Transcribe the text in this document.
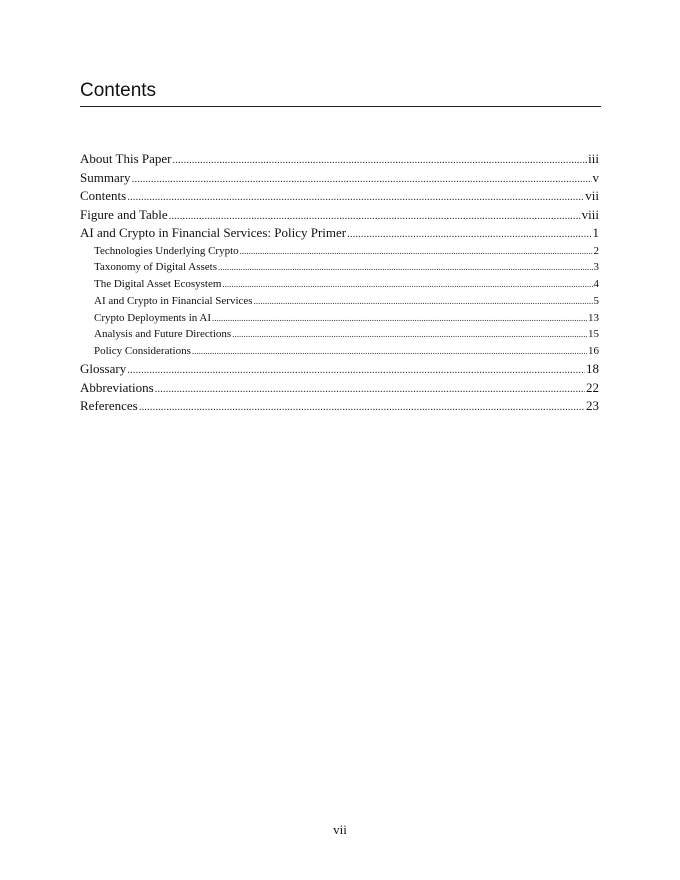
Contents
About This Paper .....	iii
Summary .....	v
Contents .....	vii
Figure and Table .....	viii
AI and Crypto in Financial Services: Policy Primer .....	1
Technologies Underlying Crypto .....	2
Taxonomy of Digital Assets .....	3
The Digital Asset Ecosystem .....	4
AI and Crypto in Financial Services .....	5
Crypto Deployments in AI .....	13
Analysis and Future Directions .....	15
Policy Considerations .....	16
Glossary .....	18
Abbreviations .....	22
References .....	23
vii
